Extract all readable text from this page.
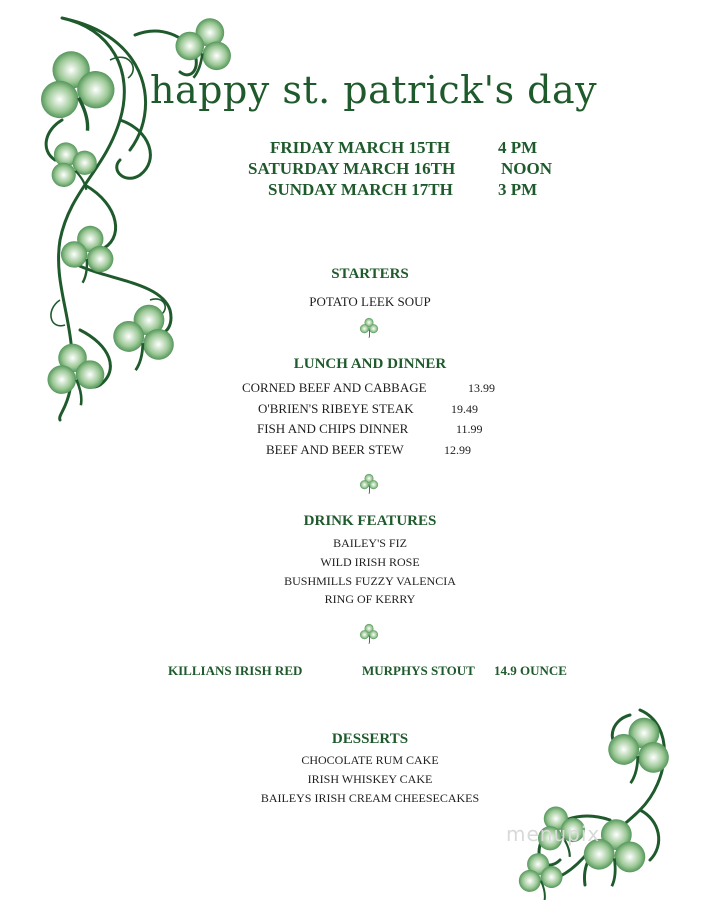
happy st. patrick's day
FRIDAY MARCH 15TH	4 PM
SATURDAY MARCH 16TH	NOON
SUNDAY MARCH 17TH	3 PM
STARTERS
POTATO LEEK SOUP
LUNCH AND DINNER
CORNED BEEF AND CABBAGE	13.99
O'BRIEN'S RIBEYE STEAK	19.49
FISH AND CHIPS DINNER	11.99
BEEF AND BEER STEW	12.99
DRINK FEATURES
BAILEY'S FIZ
WILD IRISH ROSE
BUSHMILLS FUZZY VALENCIA
RING OF KERRY
KILLIANS IRISH RED	MURPHYS STOUT 14.9 OUNCE
DESSERTS
CHOCOLATE RUM CAKE
IRISH WHISKEY CAKE
BAILEYS IRISH CREAM CHEESECAKES
menupix
